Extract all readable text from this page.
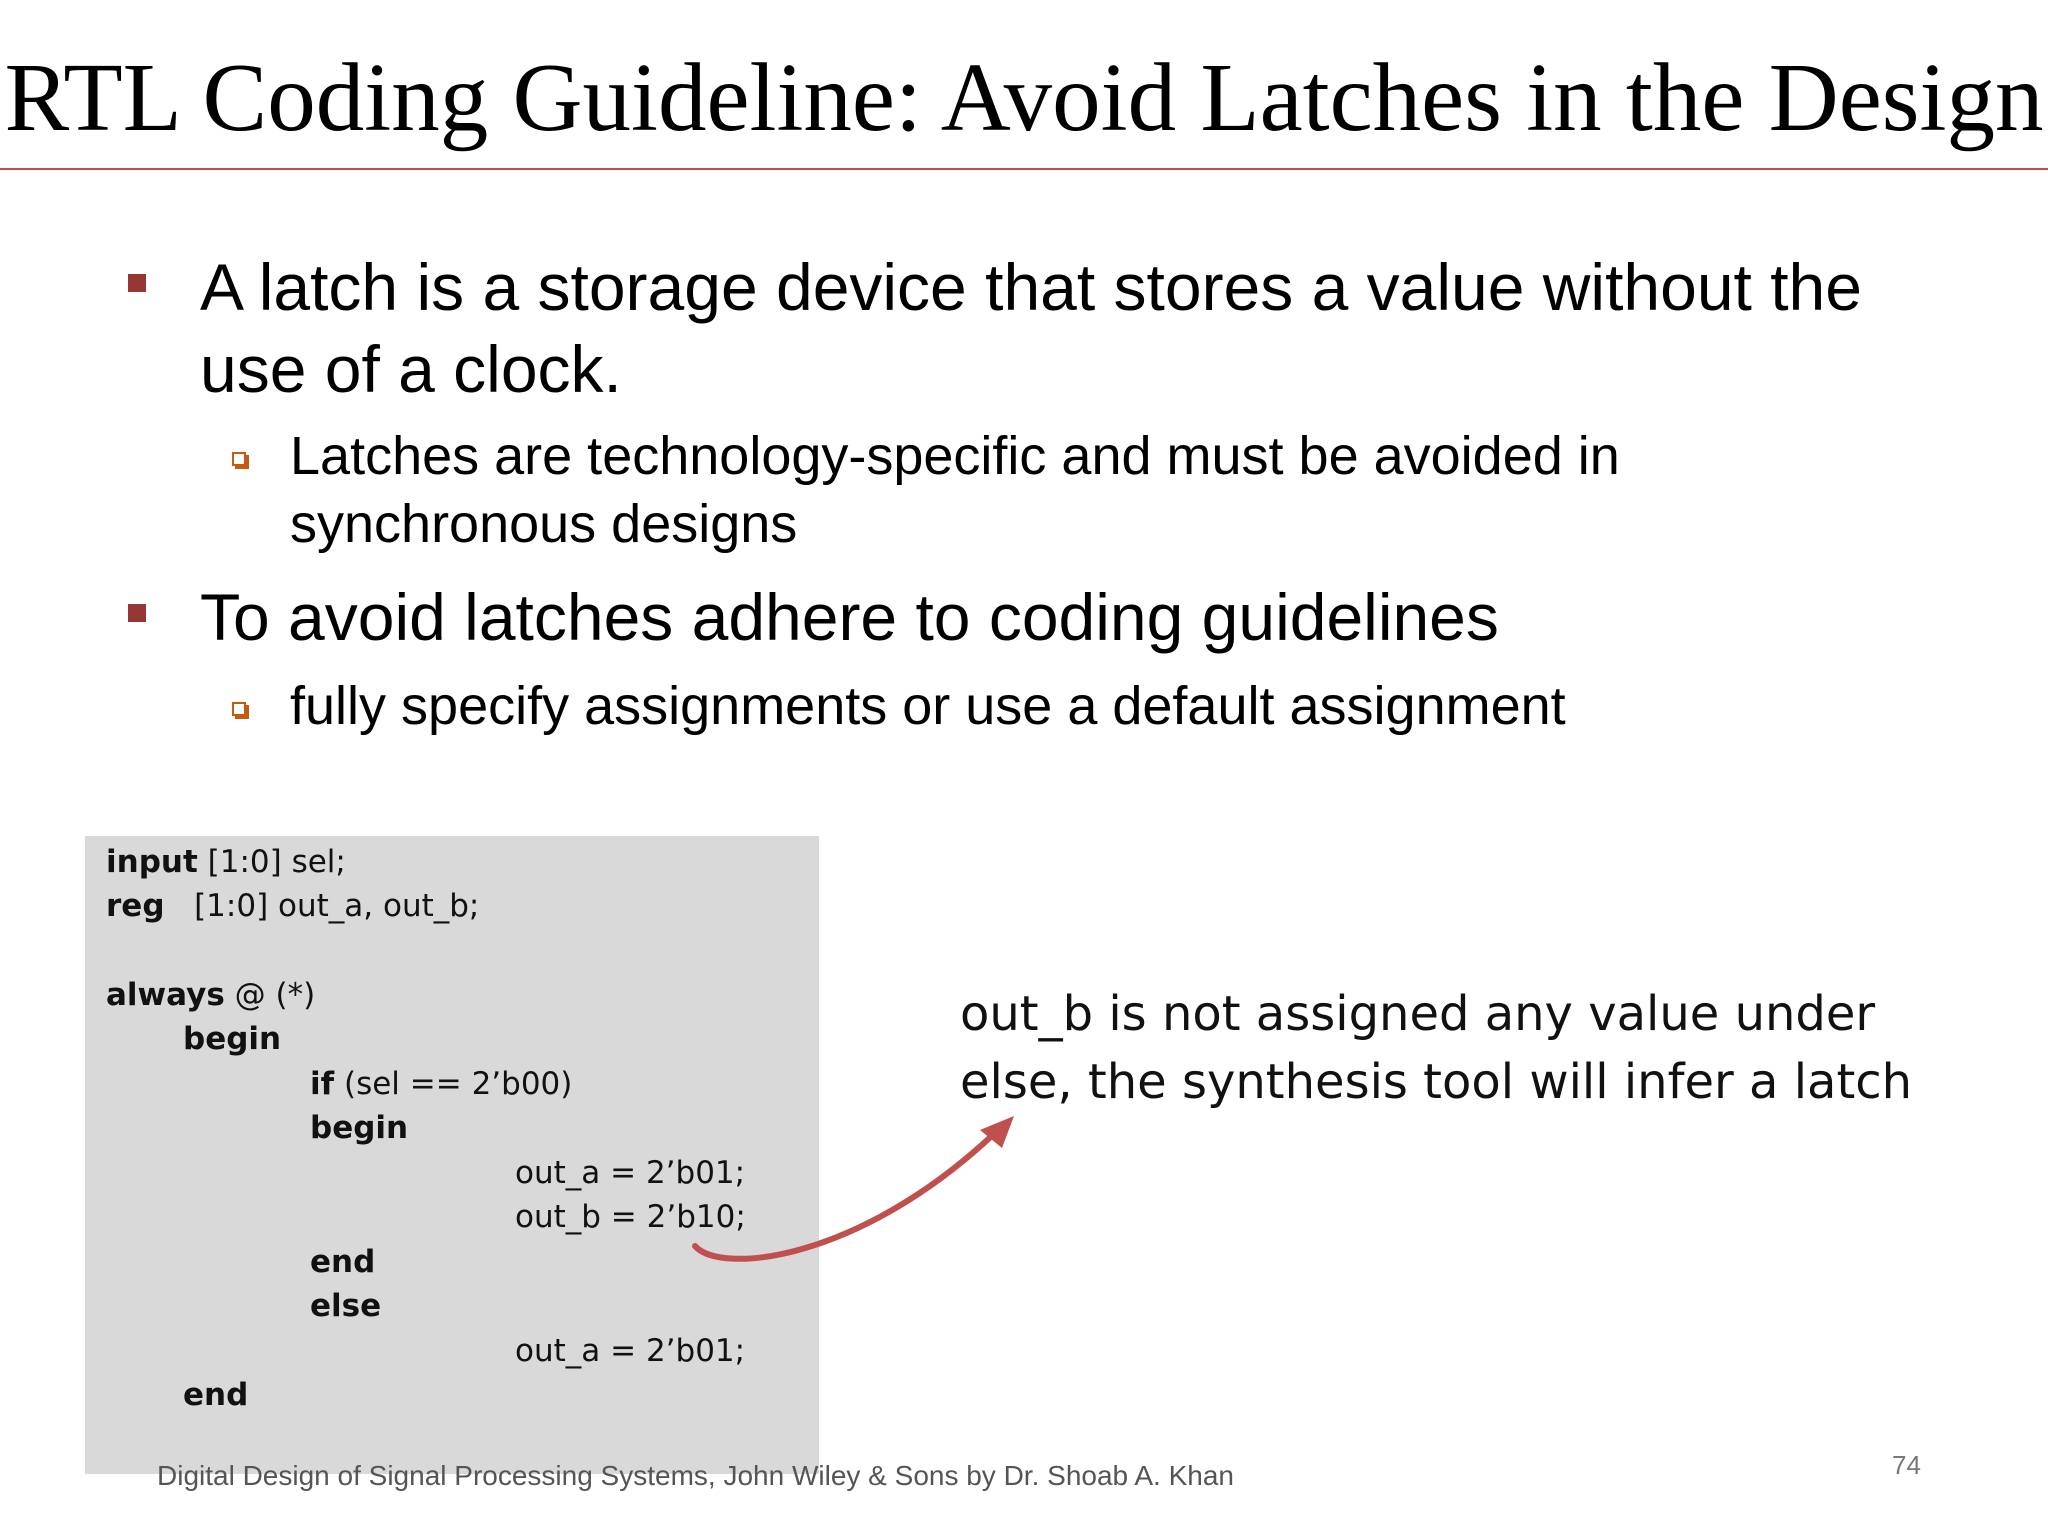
RTL Coding Guideline: Avoid Latches in the Design
A latch is a storage device that stores a value without the
use of a clock.
Latches are technology-specific and must be avoided in
synchronous designs
To avoid latches adhere to coding guidelines
fully specify assignments or use a default assignment
input [1:0] sel;
reg   [1:0] out_a, out_b;
always @ (*)
begin
if (sel == 2’b00)
begin
out_a = 2’b01;
out_b = 2’b10;
end
else
out_a = 2’b01;
end
out_b is not assigned any value under
else, the synthesis tool will infer a latch
Digital Design of Signal Processing Systems, John Wiley & Sons by Dr. Shoab A. Khan	74
